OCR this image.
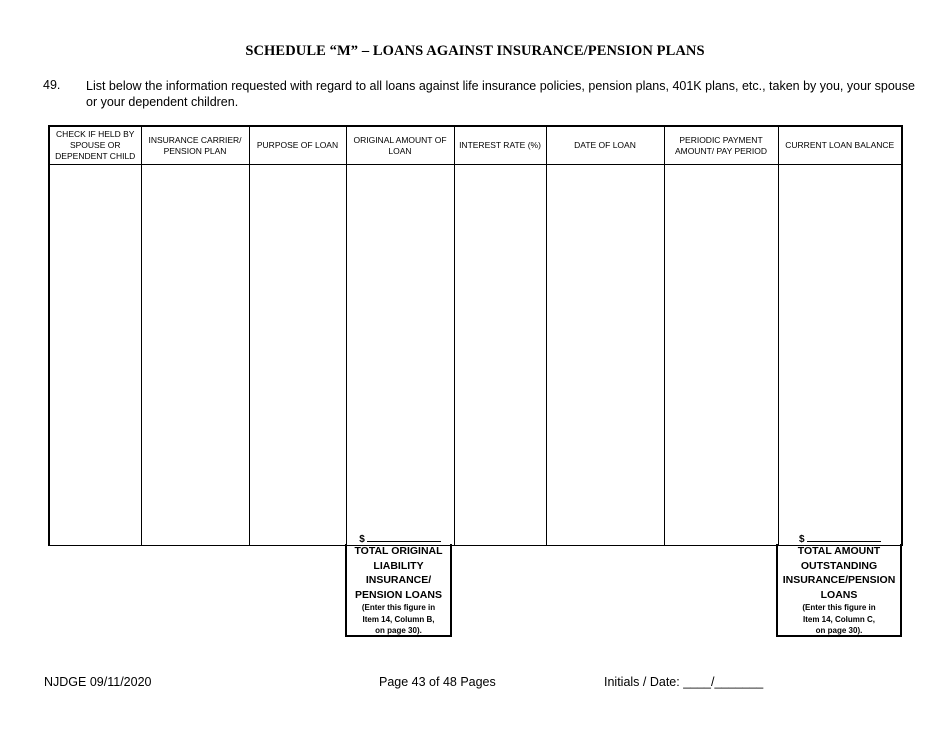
SCHEDULE “M” – LOANS AGAINST INSURANCE/PENSION PLANS
49. List below the information requested with regard to all loans against life insurance policies, pension plans, 401K plans, etc., taken by you, your spouse or your dependent children.
CHECK IF HELD BY SPOUSE OR DEPENDENT CHILD	INSURANCE CARRIER/ PENSION PLAN	PURPOSE OF LOAN	ORIGINAL AMOUNT OF LOAN	INTEREST RATE (%)	DATE OF LOAN	PERIODIC PAYMENT AMOUNT/ PAY PERIOD	CURRENT LOAN BALANCE
			$				$
TOTAL ORIGINAL
LIABILITY
INSURANCE/
PENSION LOANS
(Enter this figure in
Item 14, Column B,
on page 30).
TOTAL AMOUNT
OUTSTANDING
INSURANCE/PENSION
LOANS
(Enter this figure in
Item 14, Column C,
on page 30).
NJDGE 09/11/2020	Page 43 of 48 Pages	Initials / Date: ____/_______
